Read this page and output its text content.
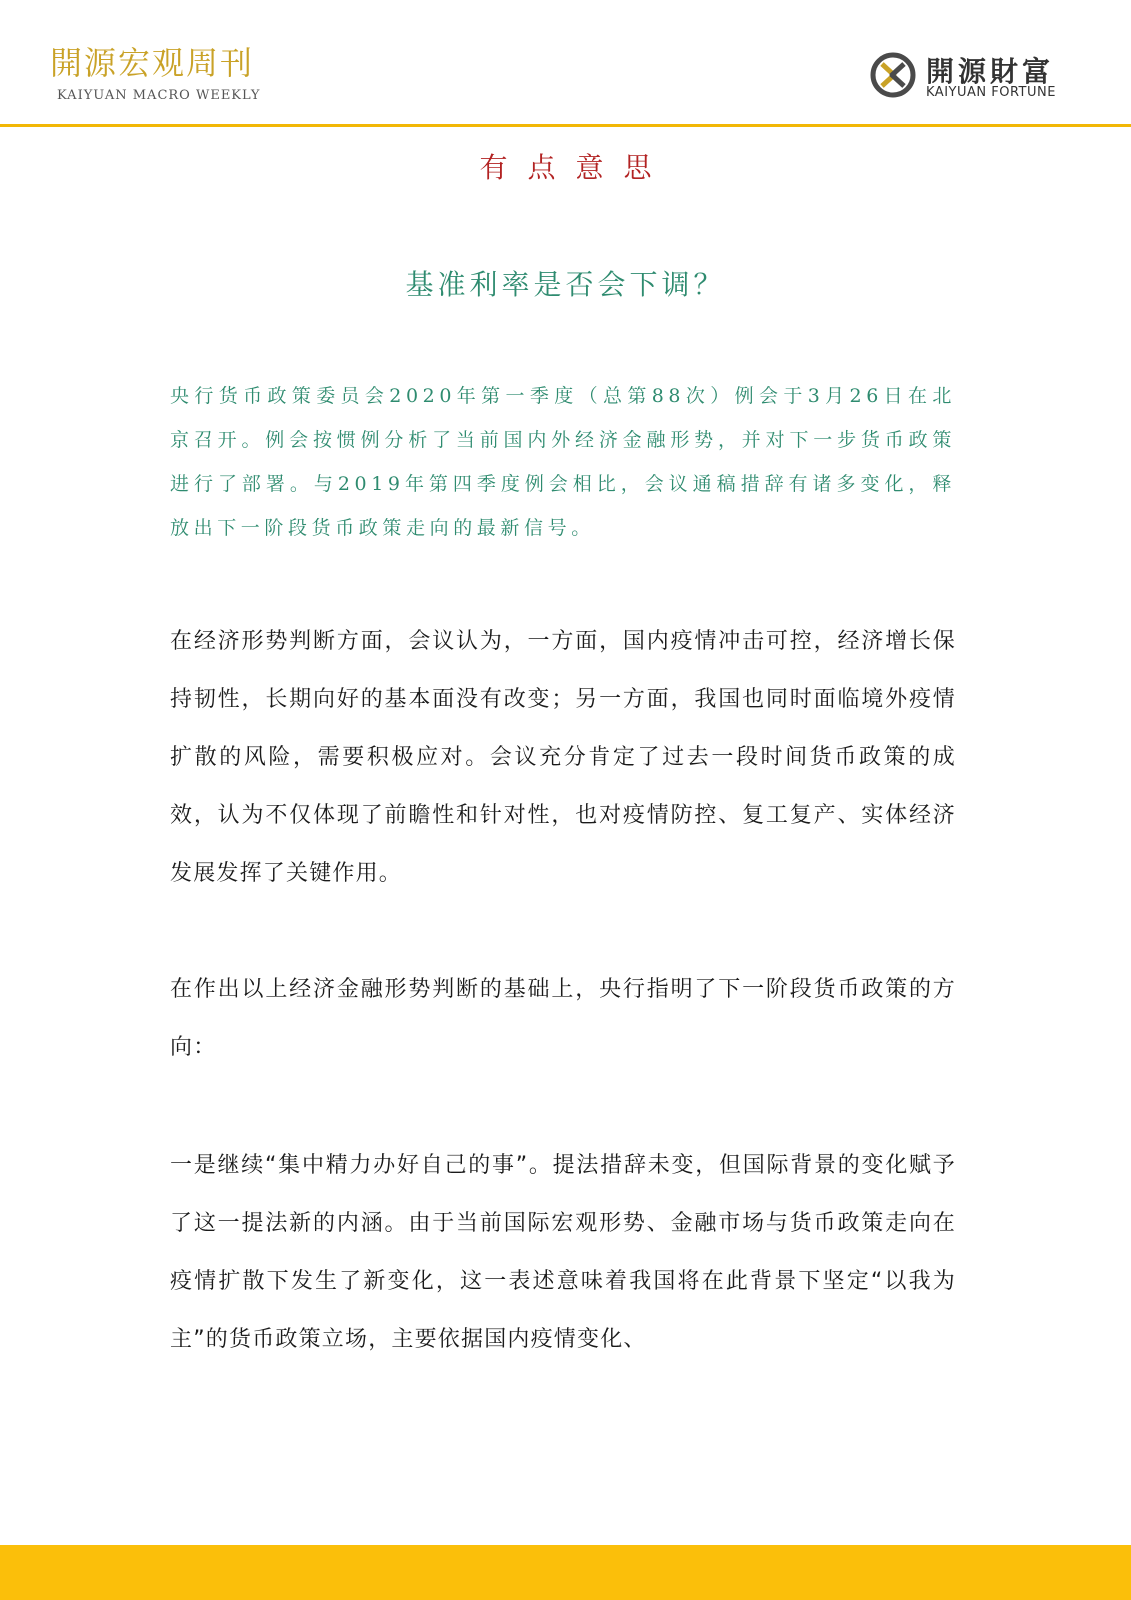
開源宏观周刊
KAIYUAN MACRO WEEKLY
開源財富
KAIYUAN FORTUNE
有点意思
基准利率是否会下调？

央行货币政策委员会2020年第一季度（总第88次）例会于3月26日在北京召开。例会按惯例分析了当前国内外经济金融形势，并对下一步货币政策进行了部署。与2019年第四季度例会相比，会议通稿措辞有诸多变化，释放出下一阶段货币政策走向的最新信号。

在经济形势判断方面，会议认为，一方面，国内疫情冲击可控，经济增长保持韧性，长期向好的基本面没有改变；另一方面，我国也同时面临境外疫情扩散的风险，需要积极应对。会议充分肯定了过去一段时间货币政策的成效，认为不仅体现了前瞻性和针对性，也对疫情防控、复工复产、实体经济发展发挥了关键作用。

在作出以上经济金融形势判断的基础上，央行指明了下一阶段货币政策的方向：

一是继续“集中精力办好自己的事”。提法措辞未变，但国际背景的变化赋予了这一提法新的内涵。由于当前国际宏观形势、金融市场与货币政策走向在疫情扩散下发生了新变化，这一表述意味着我国将在此背景下坚定“以我为主”的货币政策立场，主要依据国内疫情变化、
